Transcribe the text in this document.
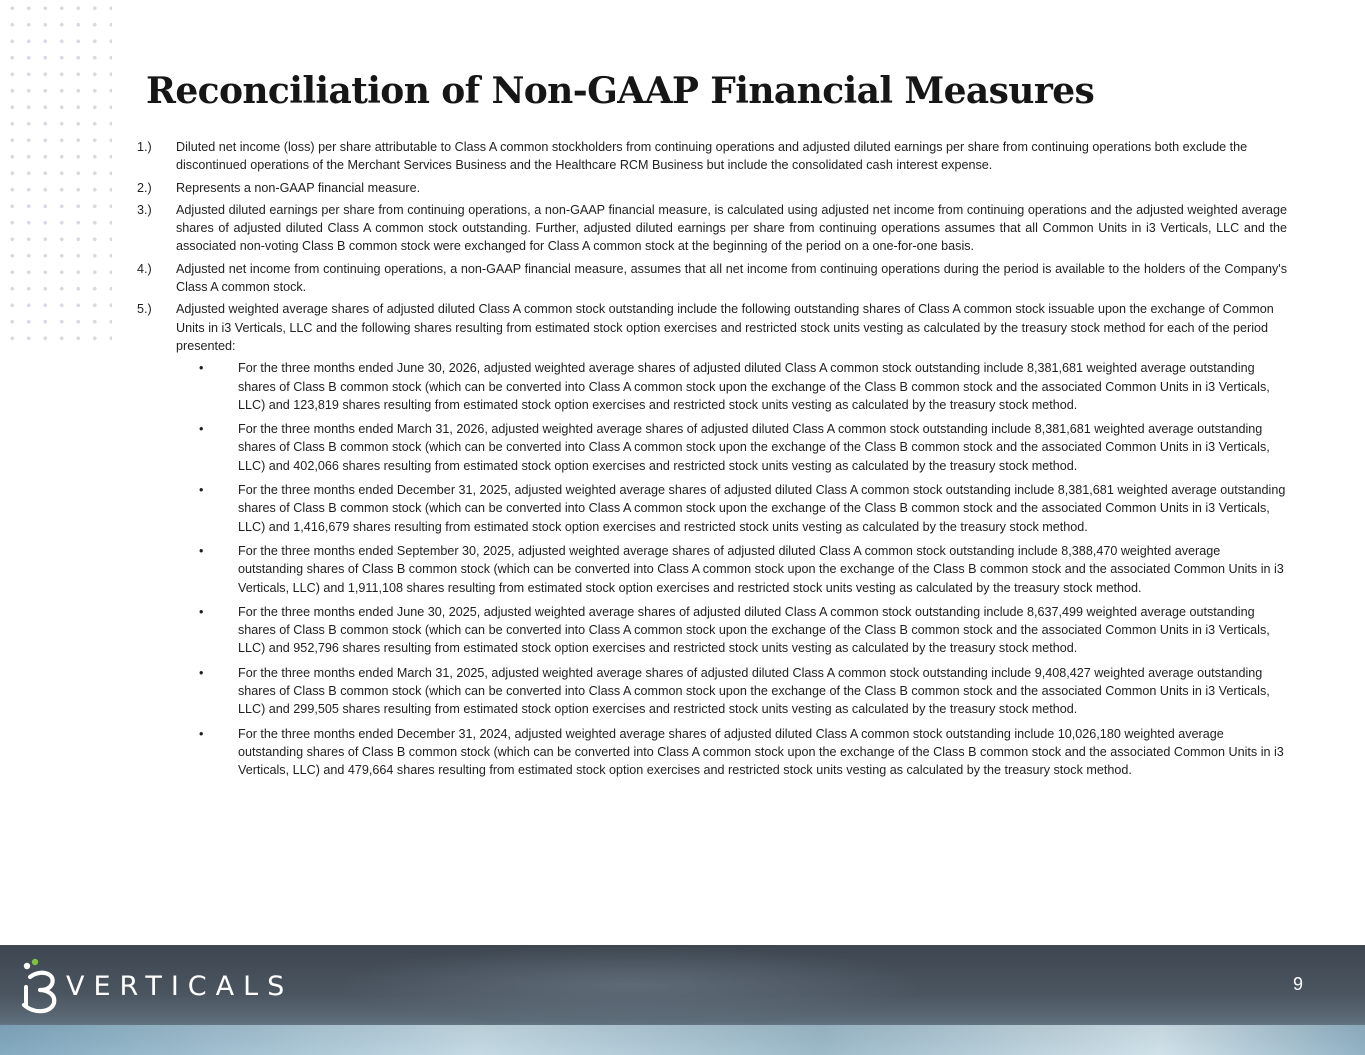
Reconciliation of Non-GAAP Financial Measures
1.)	Diluted net income (loss) per share attributable to Class A common stockholders from continuing operations and adjusted diluted earnings per share from continuing operations both exclude the discontinued operations of the Merchant Services Business and the Healthcare RCM Business but include the consolidated cash interest expense.
2.)	Represents a non-GAAP financial measure.
3.)	Adjusted diluted earnings per share from continuing operations, a non-GAAP financial measure, is calculated using adjusted net income from continuing operations and the adjusted weighted average shares of adjusted diluted Class A common stock outstanding. Further, adjusted diluted earnings per share from continuing operations assumes that all Common Units in i3 Verticals, LLC and the associated non-voting Class B common stock were exchanged for Class A common stock at the beginning of the period on a one-for-one basis.
4.)	Adjusted net income from continuing operations, a non-GAAP financial measure, assumes that all net income from continuing operations during the period is available to the holders of the Company's Class A common stock.
5.)	Adjusted weighted average shares of adjusted diluted Class A common stock outstanding include the following outstanding shares of Class A common stock issuable upon the exchange of Common Units in i3 Verticals, LLC and the following shares resulting from estimated stock option exercises and restricted stock units vesting as calculated by the treasury stock method for each of the period presented:
•	For the three months ended June 30, 2026, adjusted weighted average shares of adjusted diluted Class A common stock outstanding include 8,381,681 weighted average outstanding shares of Class B common stock (which can be converted into Class A common stock upon the exchange of the Class B common stock and the associated Common Units in i3 Verticals, LLC) and 123,819 shares resulting from estimated stock option exercises and restricted stock units vesting as calculated by the treasury stock method.
•	For the three months ended March 31, 2026, adjusted weighted average shares of adjusted diluted Class A common stock outstanding include 8,381,681 weighted average outstanding shares of Class B common stock (which can be converted into Class A common stock upon the exchange of the Class B common stock and the associated Common Units in i3 Verticals, LLC) and 402,066 shares resulting from estimated stock option exercises and restricted stock units vesting as calculated by the treasury stock method.
•	For the three months ended December 31, 2025, adjusted weighted average shares of adjusted diluted Class A common stock outstanding include 8,381,681 weighted average outstanding shares of Class B common stock (which can be converted into Class A common stock upon the exchange of the Class B common stock and the associated Common Units in i3 Verticals, LLC) and 1,416,679 shares resulting from estimated stock option exercises and restricted stock units vesting as calculated by the treasury stock method.
•	For the three months ended September 30, 2025, adjusted weighted average shares of adjusted diluted Class A common stock outstanding include 8,388,470 weighted average outstanding shares of Class B common stock (which can be converted into Class A common stock upon the exchange of the Class B common stock and the associated Common Units in i3 Verticals, LLC) and 1,911,108 shares resulting from estimated stock option exercises and restricted stock units vesting as calculated by the treasury stock method.
•	For the three months ended June 30, 2025, adjusted weighted average shares of adjusted diluted Class A common stock outstanding include 8,637,499 weighted average outstanding shares of Class B common stock (which can be converted into Class A common stock upon the exchange of the Class B common stock and the associated Common Units in i3 Verticals, LLC) and 952,796 shares resulting from estimated stock option exercises and restricted stock units vesting as calculated by the treasury stock method.
•	For the three months ended March 31, 2025, adjusted weighted average shares of adjusted diluted Class A common stock outstanding include 9,408,427 weighted average outstanding shares of Class B common stock (which can be converted into Class A common stock upon the exchange of the Class B common stock and the associated Common Units in i3 Verticals, LLC) and 299,505 shares resulting from estimated stock option exercises and restricted stock units vesting as calculated by the treasury stock method.
•	For the three months ended December 31, 2024, adjusted weighted average shares of adjusted diluted Class A common stock outstanding include 10,026,180 weighted average outstanding shares of Class B common stock (which can be converted into Class A common stock upon the exchange of the Class B common stock and the associated Common Units in i3 Verticals, LLC) and 479,664 shares resulting from estimated stock option exercises and restricted stock units vesting as calculated by the treasury stock method.
VERTICALS	9
